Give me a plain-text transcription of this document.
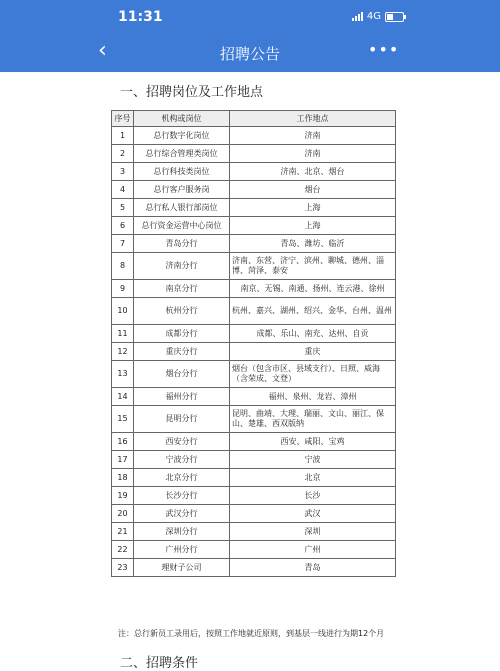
11:31	4G
‹	招聘公告	•••
一、招聘岗位及工作地点
序号	机构或岗位	工作地点
1	总行数字化岗位	济南
2	总行综合管理类岗位	济南
3	总行科技类岗位	济南、北京、烟台
4	总行客户服务岗	烟台
5	总行私人银行部岗位	上海
6	总行资金运营中心岗位	上海
7	青岛分行	青岛、潍坊、临沂
8	济南分行	济南、东营、济宁、滨州、聊城、德州、淄博、菏泽、泰安
9	南京分行	南京、无锡、南通、扬州、连云港、徐州
10	杭州分行	杭州、嘉兴、湖州、绍兴、金华、台州、温州
11	成都分行	成都、乐山、南充、达州、自贡
12	重庆分行	重庆
13	烟台分行	烟台（包含市区、县域支行）、日照、威海（含荣成、文登）
14	福州分行	福州、泉州、龙岩、漳州
15	昆明分行	昆明、曲靖、大理、瑞丽、文山、丽江、保山、楚雄、西双版纳
16	西安分行	西安、咸阳、宝鸡
17	宁波分行	宁波
18	北京分行	北京
19	长沙分行	长沙
20	武汉分行	武汉
21	深圳分行	深圳
22	广州分行	广州
23	理财子公司	青岛
注：总行新员工录用后，按照工作地就近原则，到基层一线进行为期12个月
二、招聘条件
